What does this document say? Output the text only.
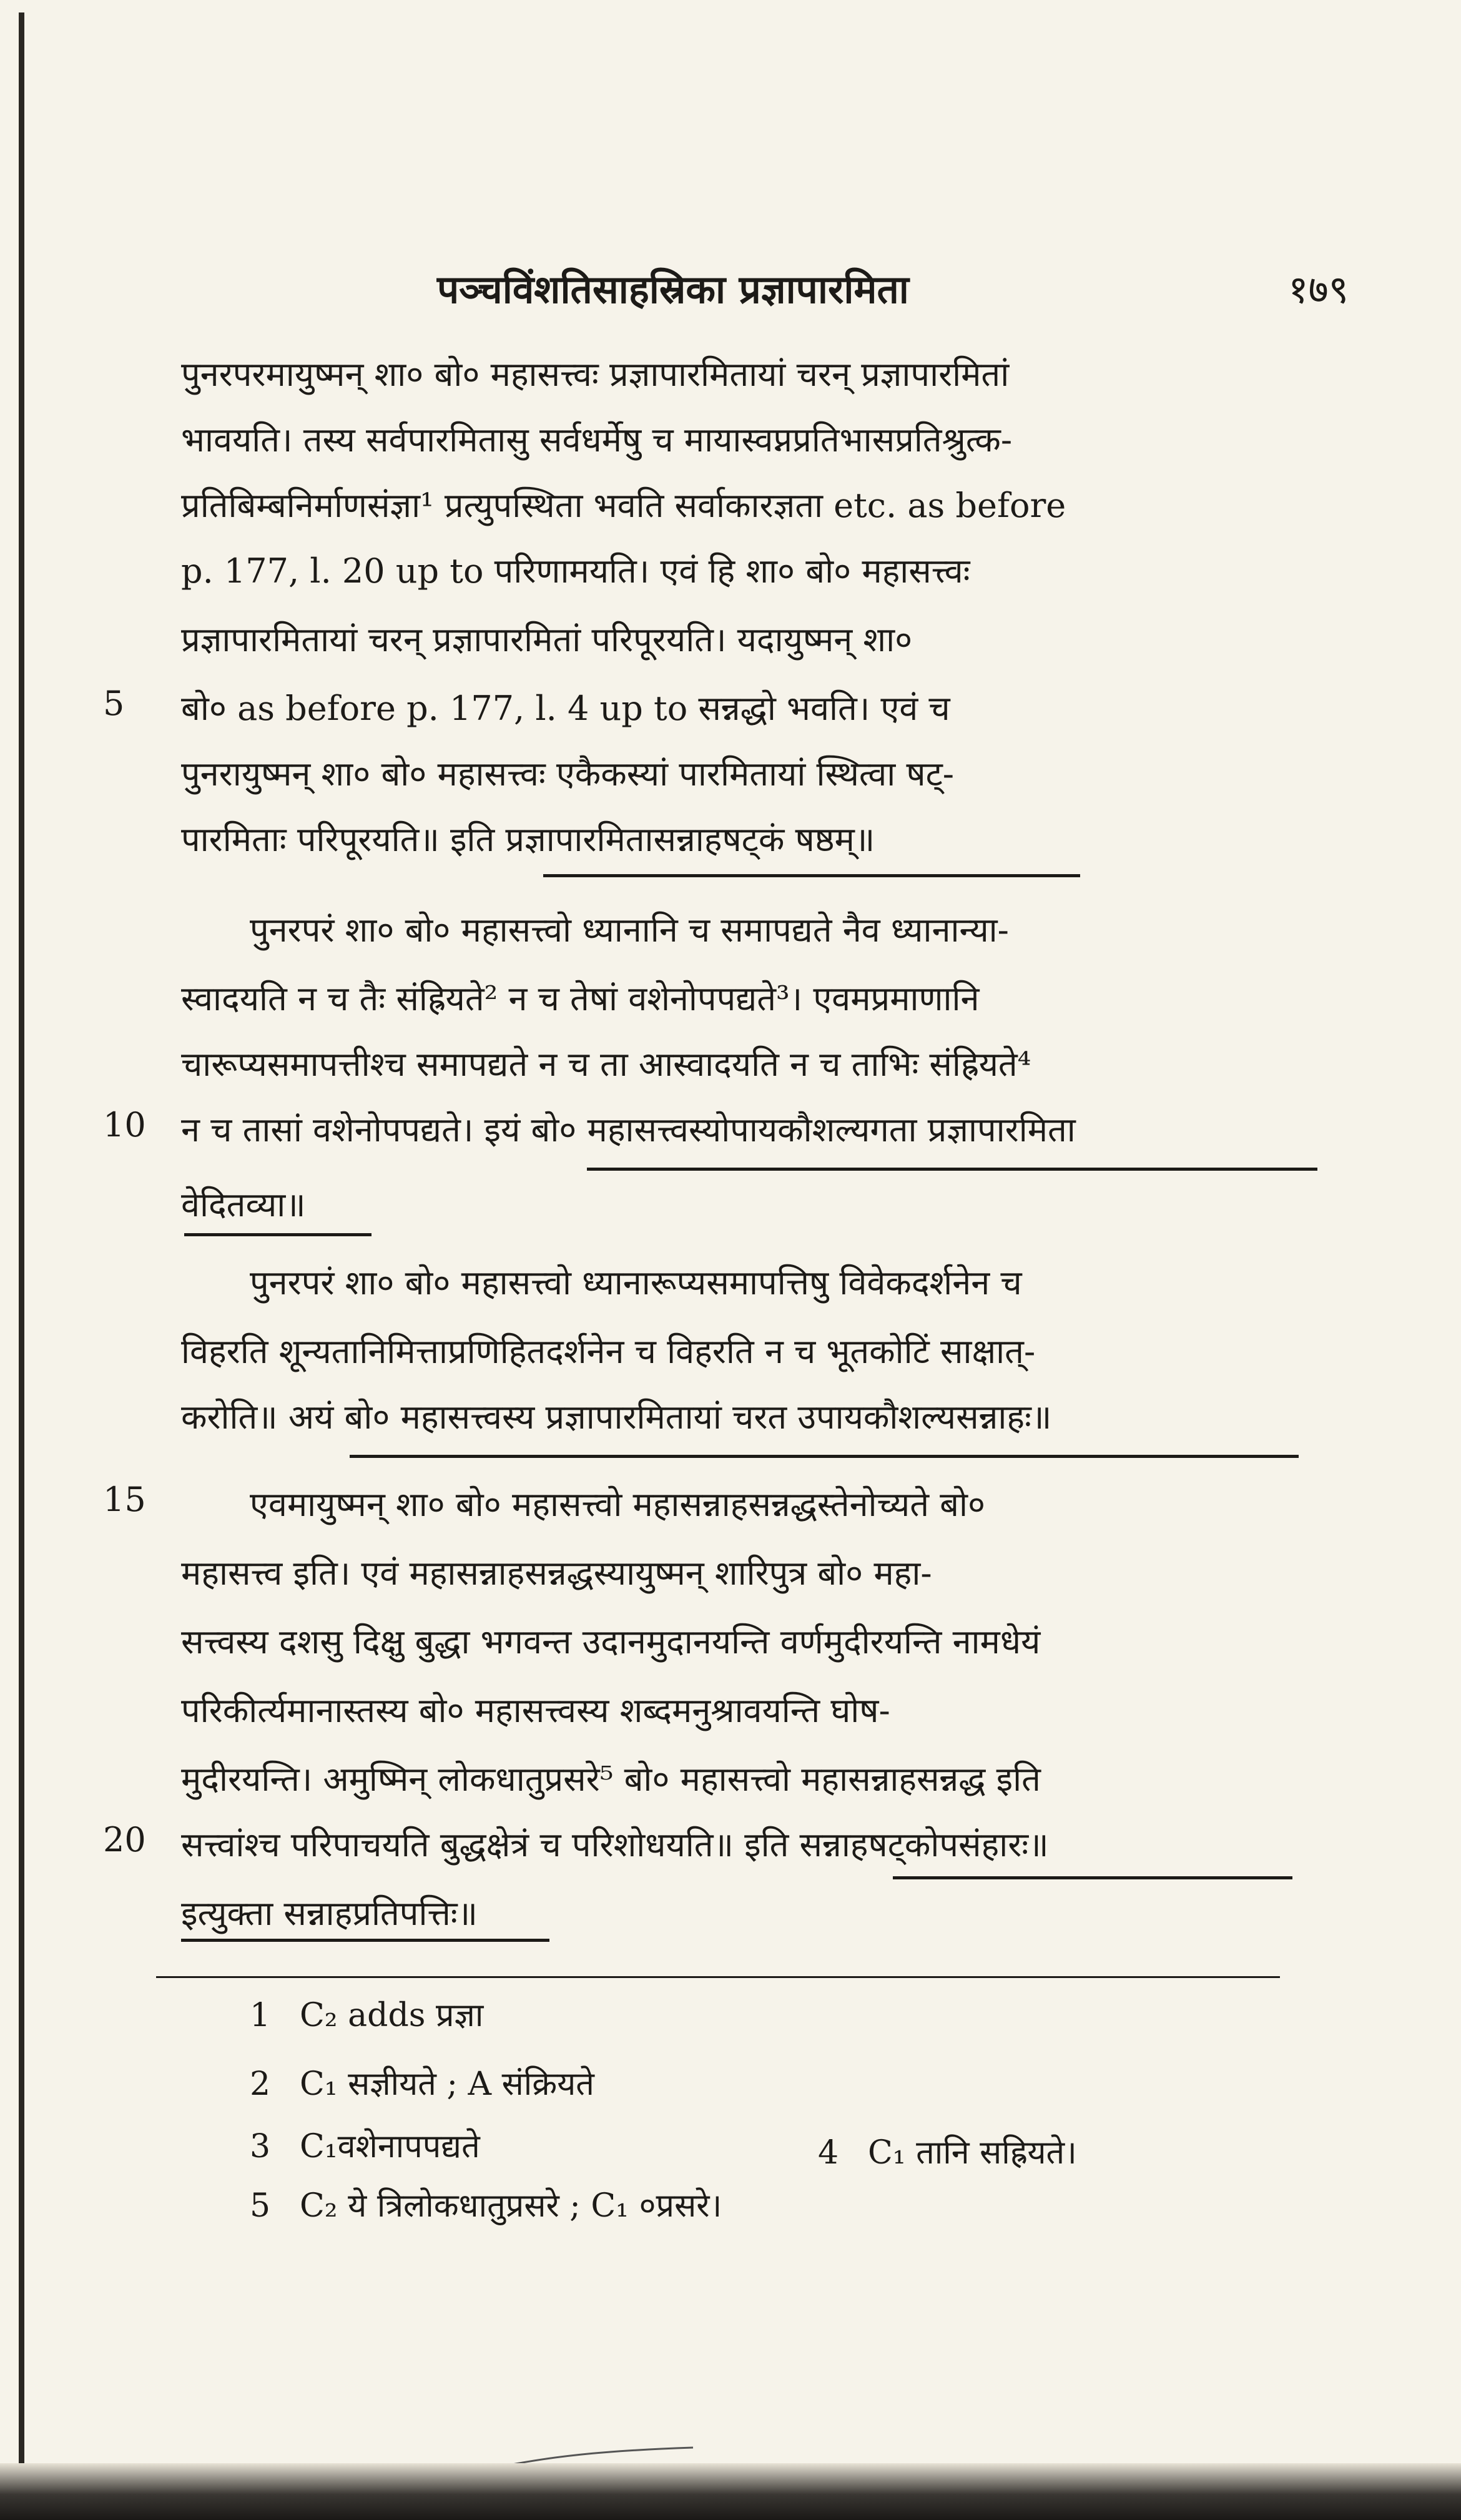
पञ्चविंशतिसाहस्रिका प्रज्ञापारमिता	१७९
पुनरपरमायुष्मन् शा० बो० महासत्त्वः प्रज्ञापारमितायां चरन् प्रज्ञापारमितां
भावयति। तस्य सर्वपारमितासु सर्वधर्मेषु च मायास्वप्नप्रतिभासप्रतिश्रुत्क-
प्रतिबिम्बनिर्माणसंज्ञा¹ प्रत्युपस्थिता भवति सर्वाकारज्ञता etc. as before
p. 177, l. 20 up to परिणामयति। एवं हि शा० बो० महासत्त्वः
प्रज्ञापारमितायां चरन् प्रज्ञापारमितां परिपूरयति। यदायुष्मन् शा०
5	बो० as before p. 177, l. 4 up to सन्नद्धो भवति। एवं च
पुनरायुष्मन् शा० बो० महासत्त्वः एकैकस्यां पारमितायां स्थित्वा षट्-
पारमिताः परिपूरयति॥ इति प्रज्ञापारमितासन्नाहषट्कं षष्ठम्॥
पुनरपरं शा० बो० महासत्त्वो ध्यानानि च समापद्यते नैव ध्यानान्या-
स्वादयति न च तैः संह्रियते² न च तेषां वशेनोपपद्यते³। एवमप्रमाणानि
चारूप्यसमापत्तीश्च समापद्यते न च ता आस्वादयति न च ताभिः संह्रियते⁴
10	न च तासां वशेनोपपद्यते। इयं बो० महासत्त्वस्योपायकौशल्यगता प्रज्ञापारमिता
वेदितव्या॥
पुनरपरं शा० बो० महासत्त्वो ध्यानारूप्यसमापत्तिषु विवेकदर्शनेन च
विहरति शून्यतानिमित्ताप्रणिहितदर्शनेन च विहरति न च भूतकोटिं साक्षात्-
करोति॥ अयं बो० महासत्त्वस्य प्रज्ञापारमितायां चरत उपायकौशल्यसन्नाहः॥
15	एवमायुष्मन् शा० बो० महासत्त्वो महासन्नाहसन्नद्धस्तेनोच्यते बो०
महासत्त्व इति। एवं महासन्नाहसन्नद्धस्यायुष्मन् शारिपुत्र बो० महा-
सत्त्वस्य दशसु दिक्षु बुद्धा भगवन्त उदानमुदानयन्ति वर्णमुदीरयन्ति नामधेयं
परिकीर्त्यमानास्तस्य बो० महासत्त्वस्य शब्दमनुश्रावयन्ति घोष-
मुदीरयन्ति। अमुष्मिन् लोकधातुप्रसरे⁵ बो० महासत्त्वो महासन्नाहसन्नद्ध इति
20	सत्त्वांश्च परिपाचयति बुद्धक्षेत्रं च परिशोधयति॥ इति सन्नाहषट्कोपसंहारः॥
इत्युक्ता सन्नाहप्रतिपत्तिः॥
1 C₂ adds प्रज्ञा
2 C₁ सज्ञीयते ; A संक्रियते
3 C₁वशेनापपद्यते	4 C₁ तानि सह्रियते।
5 C₂ ये त्रिलोकधातुप्रसरे ; C₁ ०प्रसरे।
